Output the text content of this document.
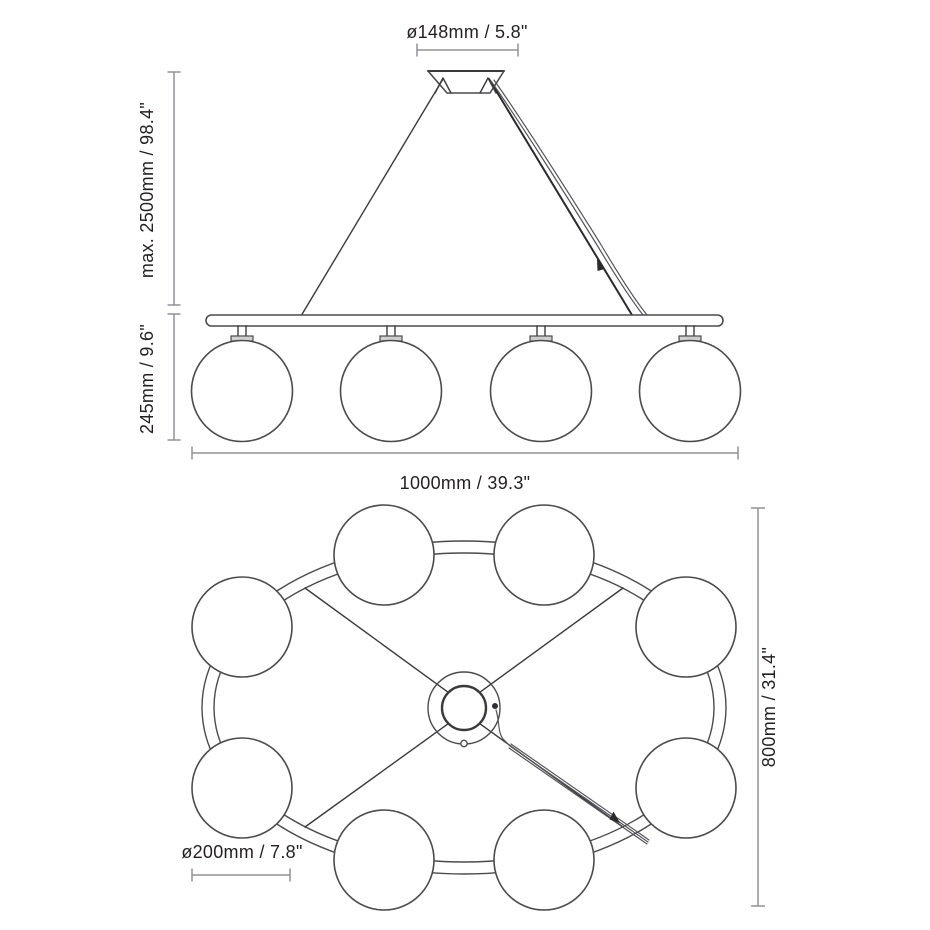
ø148mm / 5.8"
max. 2500mm / 98.4"
245mm / 9.6"
1000mm / 39.3"
ø200mm / 7.8"
800mm / 31.4"
